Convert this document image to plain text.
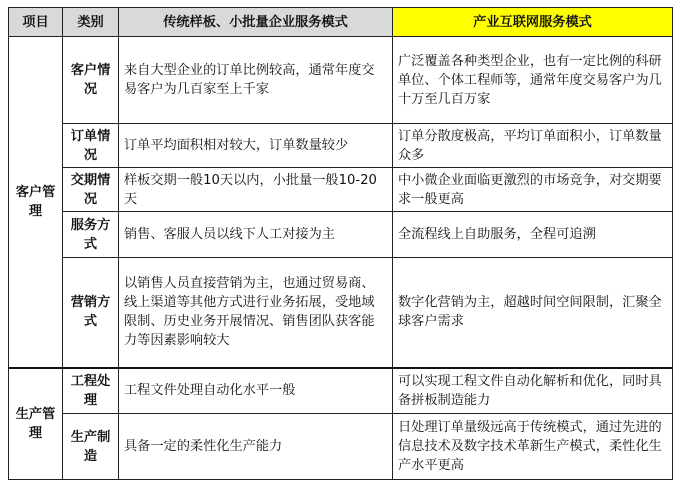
项目	类别	传统样板、小批量企业服务模式	产业互联网服务模式
客户管理	客户情况	来自大型企业的订单比例较高，通常年度交易客户为几百家至上千家	广泛覆盖各种类型企业，也有一定比例的科研单位、个体工程师等，通常年度交易客户为几十万至几百万家
	订单情况	订单平均面积相对较大，订单数量较少	订单分散度极高，平均订单面积小，订单数量众多
	交期情况	样板交期一般10天以内，小批量一般10-20天	中小微企业面临更激烈的市场竞争，对交期要求一般更高
	服务方式	销售、客服人员以线下人工对接为主	全流程线上自助服务，全程可追溯
	营销方式	以销售人员直接营销为主，也通过贸易商、线上渠道等其他方式进行业务拓展，受地域限制、历史业务开展情况、销售团队获客能力等因素影响较大	数字化营销为主，超越时间空间限制，汇聚全球客户需求
生产管理	工程处理	工程文件处理自动化水平一般	可以实现工程文件自动化解析和优化，同时具备拼板制造能力
	生产制造	具备一定的柔性化生产能力	日处理订单量级远高于传统模式，通过先进的信息技术及数字技术革新生产模式，柔性化生产水平更高
